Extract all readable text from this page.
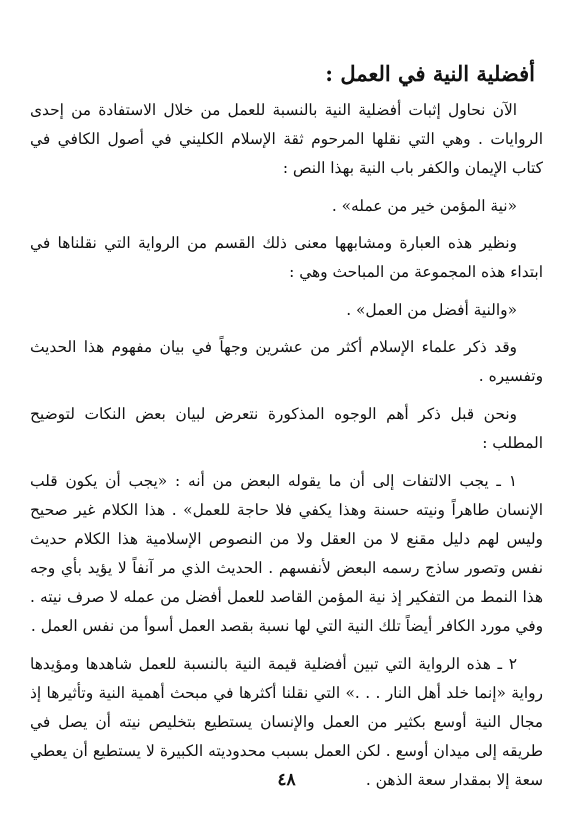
أفضلية النية في العمل :

الآن نحاول إثبات أفضلية النية بالنسبة للعمل من خلال الاستفادة من إحدى الروايات . وهي التي نقلها المرحوم ثقة الإسلام الكليني في أصول الكافي في كتاب الإيمان والكفر باب النية بهذا النص :

«نية المؤمن خير من عمله» .

ونظير هذه العبارة ومشابهها معنى ذلك القسم من الرواية التي نقلناها في ابتداء هذه المجموعة من المباحث وهي :

«والنية أفضل من العمل» .

وقد ذكر علماء الإسلام أكثر من عشرين وجهاً في بيان مفهوم هذا الحديث وتفسيره .

ونحن قبل ذكر أهم الوجوه المذكورة نتعرض لبيان بعض النكات لتوضيح المطلب :

١ ـ يجب الالتفات إلى أن ما يقوله البعض من أنه : «يجب أن يكون قلب الإنسان طاهراً ونيته حسنة وهذا يكفي فلا حاجة للعمل» . هذا الكلام غير صحيح وليس لهم دليل مقنع لا من العقل ولا من النصوص الإسلامية هذا الكلام حديث نفس وتصور ساذج رسمه البعض لأنفسهم . الحديث الذي مر آنفاً لا يؤيد بأي وجه هذا النمط من التفكير إذ نية المؤمن القاصد للعمل أفضل من عمله لا صرف نيته . وفي مورد الكافر أيضاً تلك النية التي لها نسبة بقصد العمل أسوأ من نفس العمل .

٢ ـ هذه الرواية التي تبين أفضلية قيمة النية بالنسبة للعمل شاهدها ومؤيدها رواية «إنما خلد أهل النار . . .» التي نقلنا أكثرها في مبحث أهمية النية وتأثيرها إذ مجال النية أوسع بكثير من العمل والإنسان يستطيع بتخليص نيته أن يصل في طريقه إلى ميدان أوسع . لكن العمل بسبب محدوديته الكبيرة لا يستطيع أن يعطي سعة إلا بمقدار سعة الذهن .

٤٨
